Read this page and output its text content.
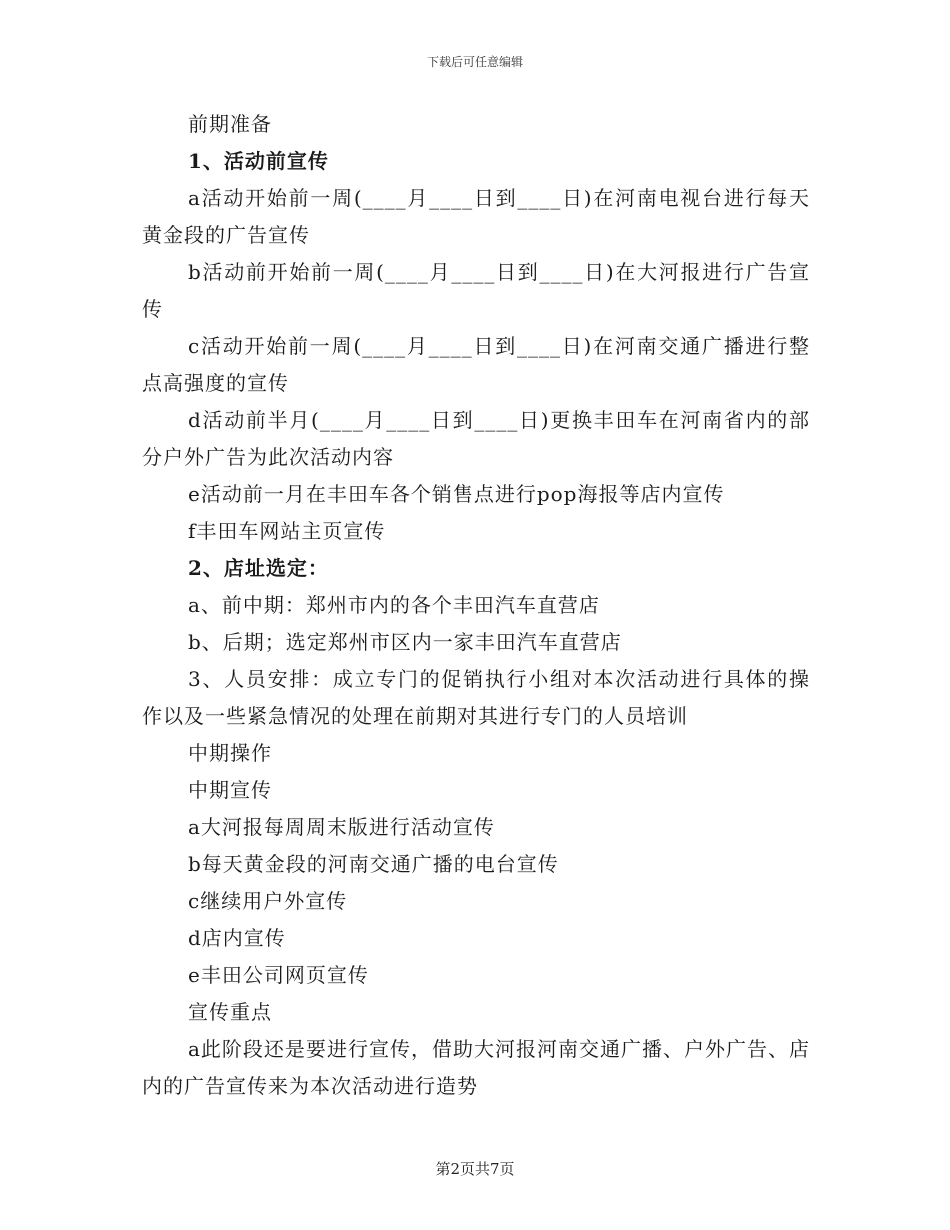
下载后可任意编辑

前期准备

1、活动前宣传

a活动开始前一周(____月____日到____日)在河南电视台进行每天黄金段的广告宣传

b活动前开始前一周(____月____日到____日)在大河报进行广告宣传

c活动开始前一周(____月____日到____日)在河南交通广播进行整点高强度的宣传

d活动前半月(____月____日到____日)更换丰田车在河南省内的部分户外广告为此次活动内容

e活动前一月在丰田车各个销售点进行pop海报等店内宣传

f丰田车网站主页宣传

2、店址选定：

a、前中期：郑州市内的各个丰田汽车直营店

b、后期；选定郑州市区内一家丰田汽车直营店

3、人员安排：成立专门的促销执行小组对本次活动进行具体的操作以及一些紧急情况的处理在前期对其进行专门的人员培训

中期操作

中期宣传

a大河报每周周末版进行活动宣传

b每天黄金段的河南交通广播的电台宣传

c继续用户外宣传

d店内宣传

e丰田公司网页宣传

宣传重点

a此阶段还是要进行宣传，借助大河报河南交通广播、户外广告、店内的广告宣传来为本次活动进行造势

第2页共7页
